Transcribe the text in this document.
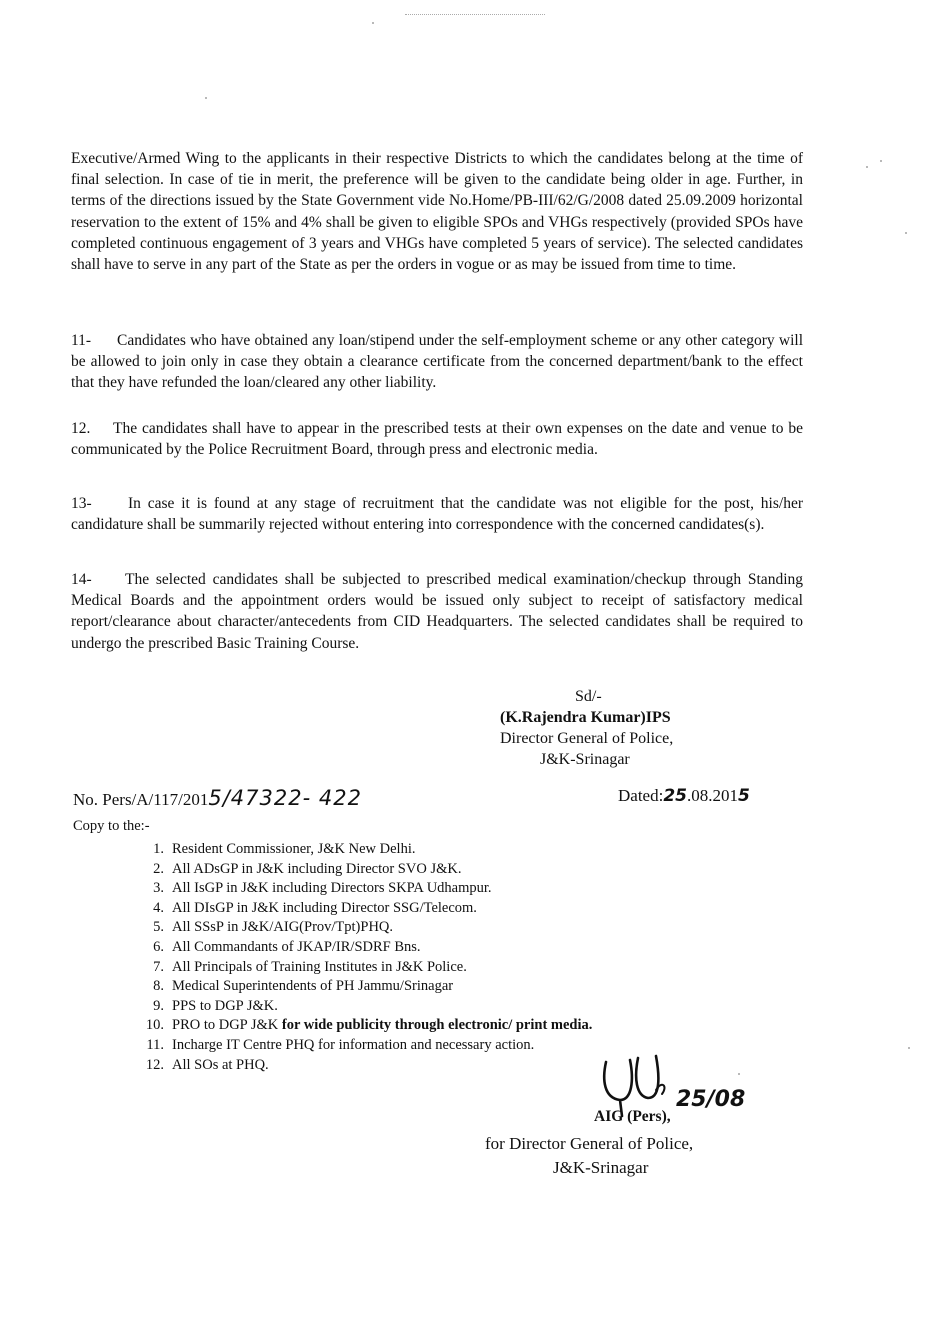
Executive/Armed Wing to the applicants in their respective Districts to which the candidates belong at the time of final selection. In case of tie in merit, the preference will be given to the candidate being older in age. Further, in terms of the directions issued by the State Government vide No.Home/PB-III/62/G/2008 dated 25.09.2009 horizontal reservation to the extent of 15% and 4% shall be given to eligible SPOs and VHGs respectively (provided SPOs have completed continuous engagement of 3 years and VHGs have completed 5 years of service). The selected candidates shall have to serve in any part of the State as per the orders in vogue or as may be issued from time to time.

11- Candidates who have obtained any loan/stipend under the self-employment scheme or any other category will be allowed to join only in case they obtain a clearance certificate from the concerned department/bank to the effect that they have refunded the loan/cleared any other liability.

12. The candidates shall have to appear in the prescribed tests at their own expenses on the date and venue to be communicated by the Police Recruitment Board, through press and electronic media.

13- In case it is found at any stage of recruitment that the candidate was not eligible for the post, his/her candidature shall be summarily rejected without entering into correspondence with the concerned candidates(s).

14- The selected candidates shall be subjected to prescribed medical examination/checkup through Standing Medical Boards and the appointment orders would be issued only subject to receipt of satisfactory medical report/clearance about character/antecedents from CID Headquarters. The selected candidates shall be required to undergo the prescribed Basic Training Course.

Sd/-
(K.Rajendra Kumar)IPS
Director General of Police,
J&K-Srinagar
No. Pers/A/117/2015/47322- 422	Dated:25.08.2015
Copy to the:-
1. Resident Commissioner, J&K New Delhi.
2. All ADsGP in J&K including Director SVO J&K.
3. All IsGP in J&K including Directors SKPA Udhampur.
4. All DIsGP in J&K including Director SSG/Telecom.
5. All SSsP in J&K/AIG(Prov/Tpt)PHQ.
6. All Commandants of JKAP/IR/SDRF Bns.
7. All Principals of Training Institutes in J&K Police.
8. Medical Superintendents of PH Jammu/Srinagar
9. PPS to DGP J&K.
10. PRO to DGP J&K for wide publicity through electronic/ print media.
11. Incharge IT Centre PHQ for information and necessary action.
12. All SOs at PHQ.
25/08
AIG (Pers),
for Director General of Police,
J&K-Srinagar
